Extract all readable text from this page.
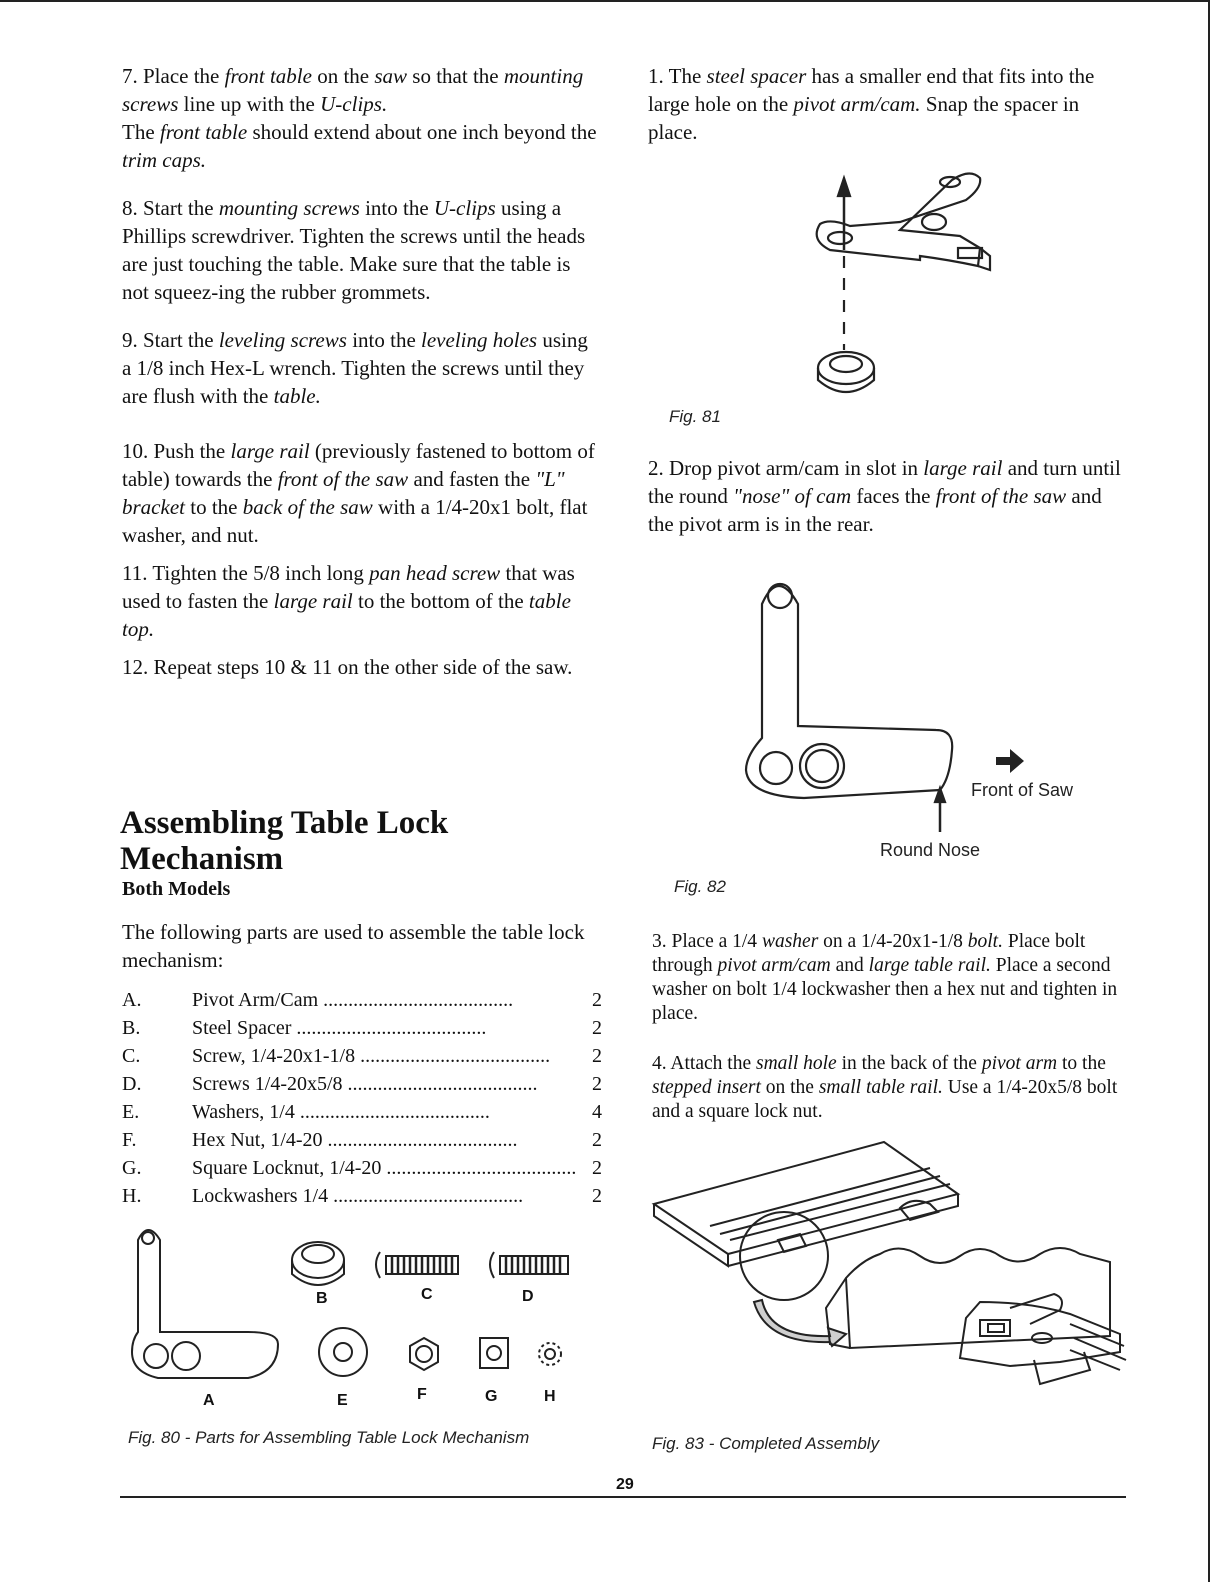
7. Place the front table on the saw so that the mounting screws line up with the U-clips.
The front table should extend about one inch beyond the trim caps.

8. Start the mounting screws into the U-clips using a Phillips screwdriver. Tighten the screws until the heads are just touching the table. Make sure that the table is not squeez-ing the rubber grommets.

9. Start the leveling screws into the leveling holes using a 1/8 inch Hex-L wrench. Tighten the screws until they are flush with the table.

10. Push the large rail (previously fastened to bottom of table) towards the front of the saw and fasten the "L" bracket to the back of the saw with a 1/4-20x1 bolt, flat washer, and nut.

11. Tighten the 5/8 inch long pan head screw that was used to fasten the large rail to the bottom of the table top.

12. Repeat steps 10 & 11 on the other side of the saw.

Assembling Table Lock
Mechanism
Both Models
The following parts are used to assemble the table lock mechanism:
A.	Pivot Arm/Cam ......................................	2
B.	Steel Spacer ......................................	2
C.	Screw, 1/4-20x1-1/8 ......................................	2
D.	Screws 1/4-20x5/8 ......................................	2
E.	Washers, 1/4 ......................................	4
F.	Hex Nut, 1/4-20 ......................................	2
G.	Square Locknut, 1/4-20 ...................................... 2
H.	Lockwashers 1/4 ......................................	2
A
B	C	D
E	F	G	H
Fig. 80 - Parts for Assembling Table Lock Mechanism

1. The steel spacer has a smaller end that fits into the large hole on the pivot arm/cam. Snap the spacer in place.

Fig. 81

2. Drop pivot arm/cam in slot in large rail and turn until the round "nose" of cam faces the front of the saw and the pivot arm is in the rear.

Front of Saw
Round Nose
Fig. 82

3. Place a 1/4 washer on a 1/4-20x1-1/8 bolt. Place bolt through pivot arm/cam and large table rail. Place a second washer on bolt 1/4 lockwasher then a hex nut and tighten in place.

4. Attach the small hole in the back of the pivot arm to the stepped insert on the small table rail. Use a 1/4-20x5/8 bolt and a square lock nut.

Fig. 83 - Completed Assembly
29
